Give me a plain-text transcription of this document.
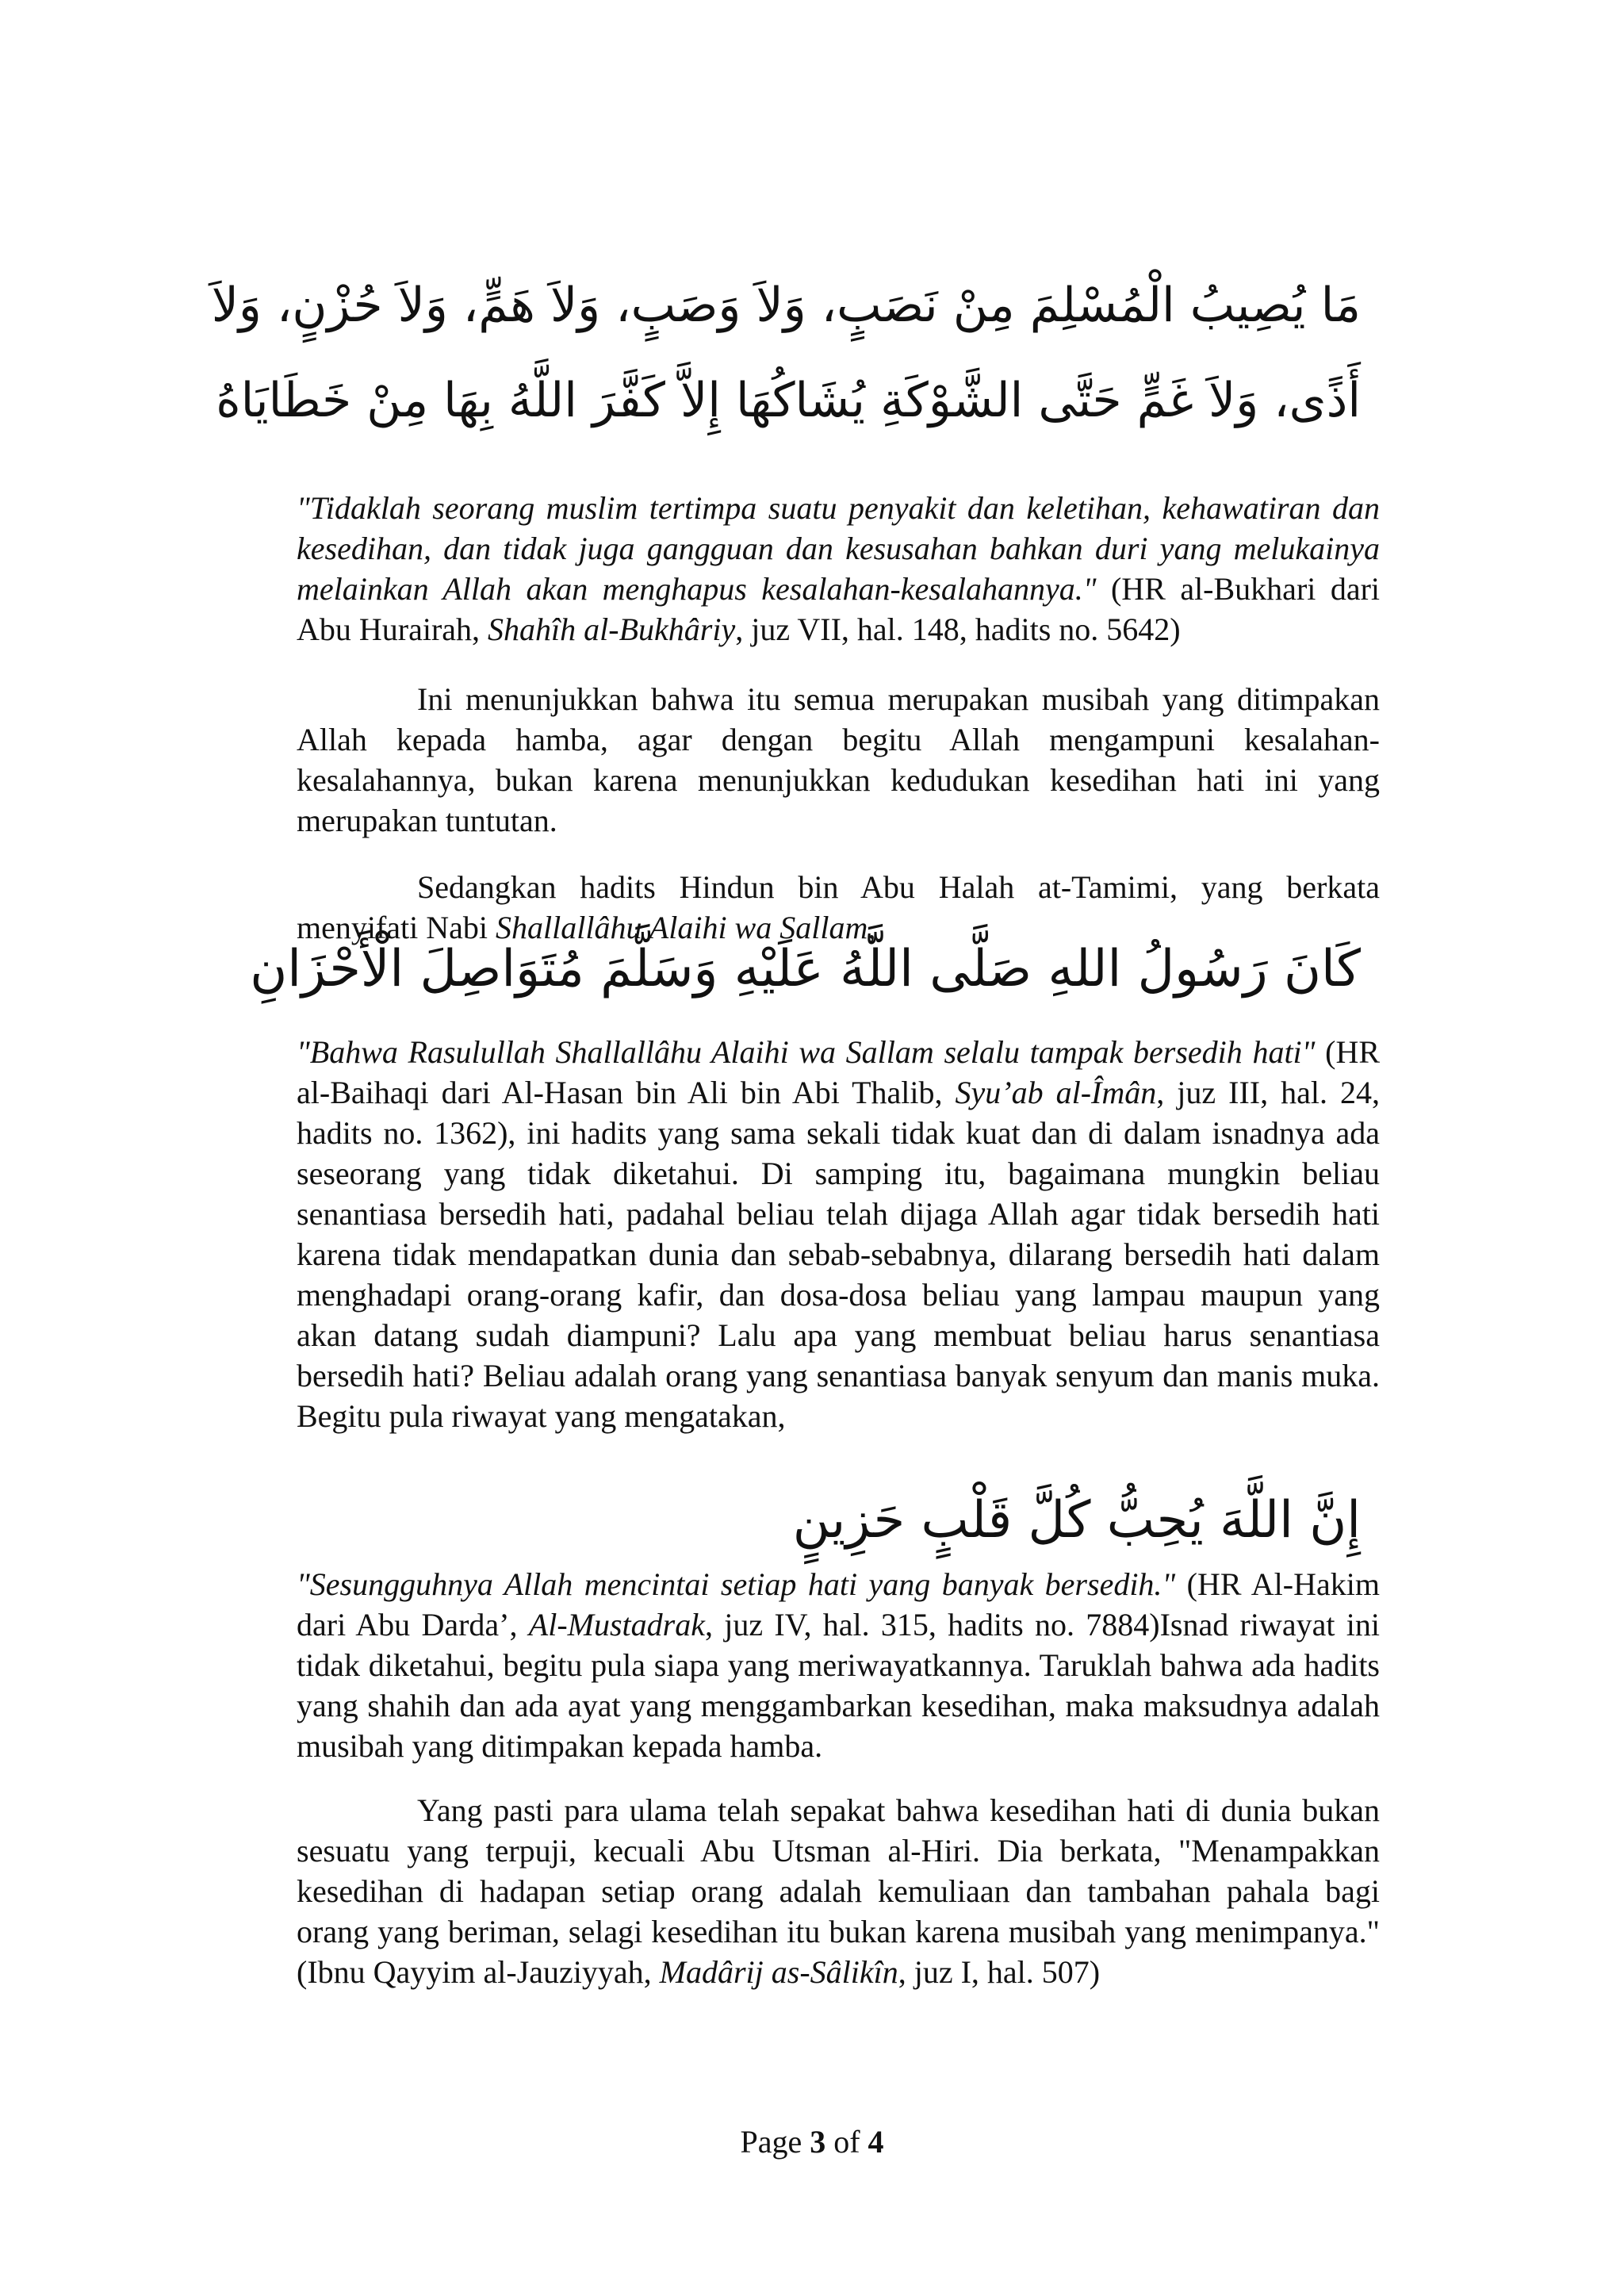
مَا يُصِيبُ الْمُسْلِمَ مِنْ نَصَبٍ، وَلاَ وَصَبٍ، وَلاَ هَمٍّ، وَلاَ حُزْنٍ، وَلاَ
أَذًى، وَلاَ غَمٍّ حَتَّى الشَّوْكَةِ يُشَاكُهَا إِلاَّ كَفَّرَ اللَّهُ بِهَا مِنْ خَطَايَاهُ

"Tidaklah seorang muslim tertimpa suatu penyakit dan keletihan, kehawatiran dan kesedihan, dan tidak juga gangguan dan kesusahan bahkan duri yang melukainya melainkan Allah akan menghapus kesalahan-kesalahannya." (HR al-Bukhari dari Abu Hurairah, Shahîh al-Bukhâriy, juz VII, hal. 148, hadits no. 5642)

Ini menunjukkan bahwa itu semua merupakan musibah yang ditimpakan Allah kepada hamba, agar dengan begitu Allah mengampuni kesalahan-kesalahannya, bukan karena menunjukkan kedudukan kesedihan hati ini yang merupakan tuntutan.

Sedangkan hadits Hindun bin Abu Halah at-Tamimi, yang berkata menyifati Nabi Shallallâhu Alaihi wa Sallam,

كَانَ رَسُولُ اللهِ صَلَّى اللَّهُ عَلَيْهِ وَسَلَّمَ مُتَوَاصِلَ الْأَحْزَانِ

"Bahwa Rasulullah Shallallâhu Alaihi wa Sallam selalu tampak bersedih hati" (HR al-Baihaqi dari Al-Hasan bin Ali bin Abi Thalib, Syu’ab al-Îmân, juz III, hal. 24, hadits no. 1362), ini hadits yang sama sekali tidak kuat dan di dalam isnadnya ada seseorang yang tidak diketahui. Di samping itu, bagaimana mungkin beliau senantiasa bersedih hati, padahal beliau telah dijaga Allah agar tidak bersedih hati karena tidak mendapatkan dunia dan sebab-sebabnya, dilarang bersedih hati dalam menghadapi orang-orang kafir, dan dosa-dosa beliau yang lampau maupun yang akan datang sudah diampuni? Lalu apa yang membuat beliau harus senantiasa bersedih hati? Beliau adalah orang yang senantiasa banyak senyum dan manis muka. Begitu pula riwayat yang mengatakan,

إِنَّ اللَّهَ يُحِبُّ كُلَّ قَلْبٍ حَزِينٍ

"Sesungguhnya Allah mencintai setiap hati yang banyak bersedih." (HR Al-Hakim dari Abu Darda’, Al-Mustadrak, juz IV, hal. 315, hadits no. 7884)Isnad riwayat ini tidak diketahui, begitu pula siapa yang meriwayatkannya. Taruklah bahwa ada hadits yang shahih dan ada ayat yang menggambarkan kesedihan, maka maksudnya adalah musibah yang ditimpakan kepada hamba.

Yang pasti para ulama telah sepakat bahwa kesedihan hati di dunia bukan sesuatu yang terpuji, kecuali Abu Utsman al-Hiri. Dia berkata, "Menampakkan kesedihan di hadapan setiap orang adalah kemuliaan dan tambahan pahala bagi orang yang beriman, selagi kesedihan itu bukan karena musibah yang menimpanya." (Ibnu Qayyim al-Jauziyyah, Madârij as-Sâlikîn, juz I, hal. 507)

Page 3 of 4
